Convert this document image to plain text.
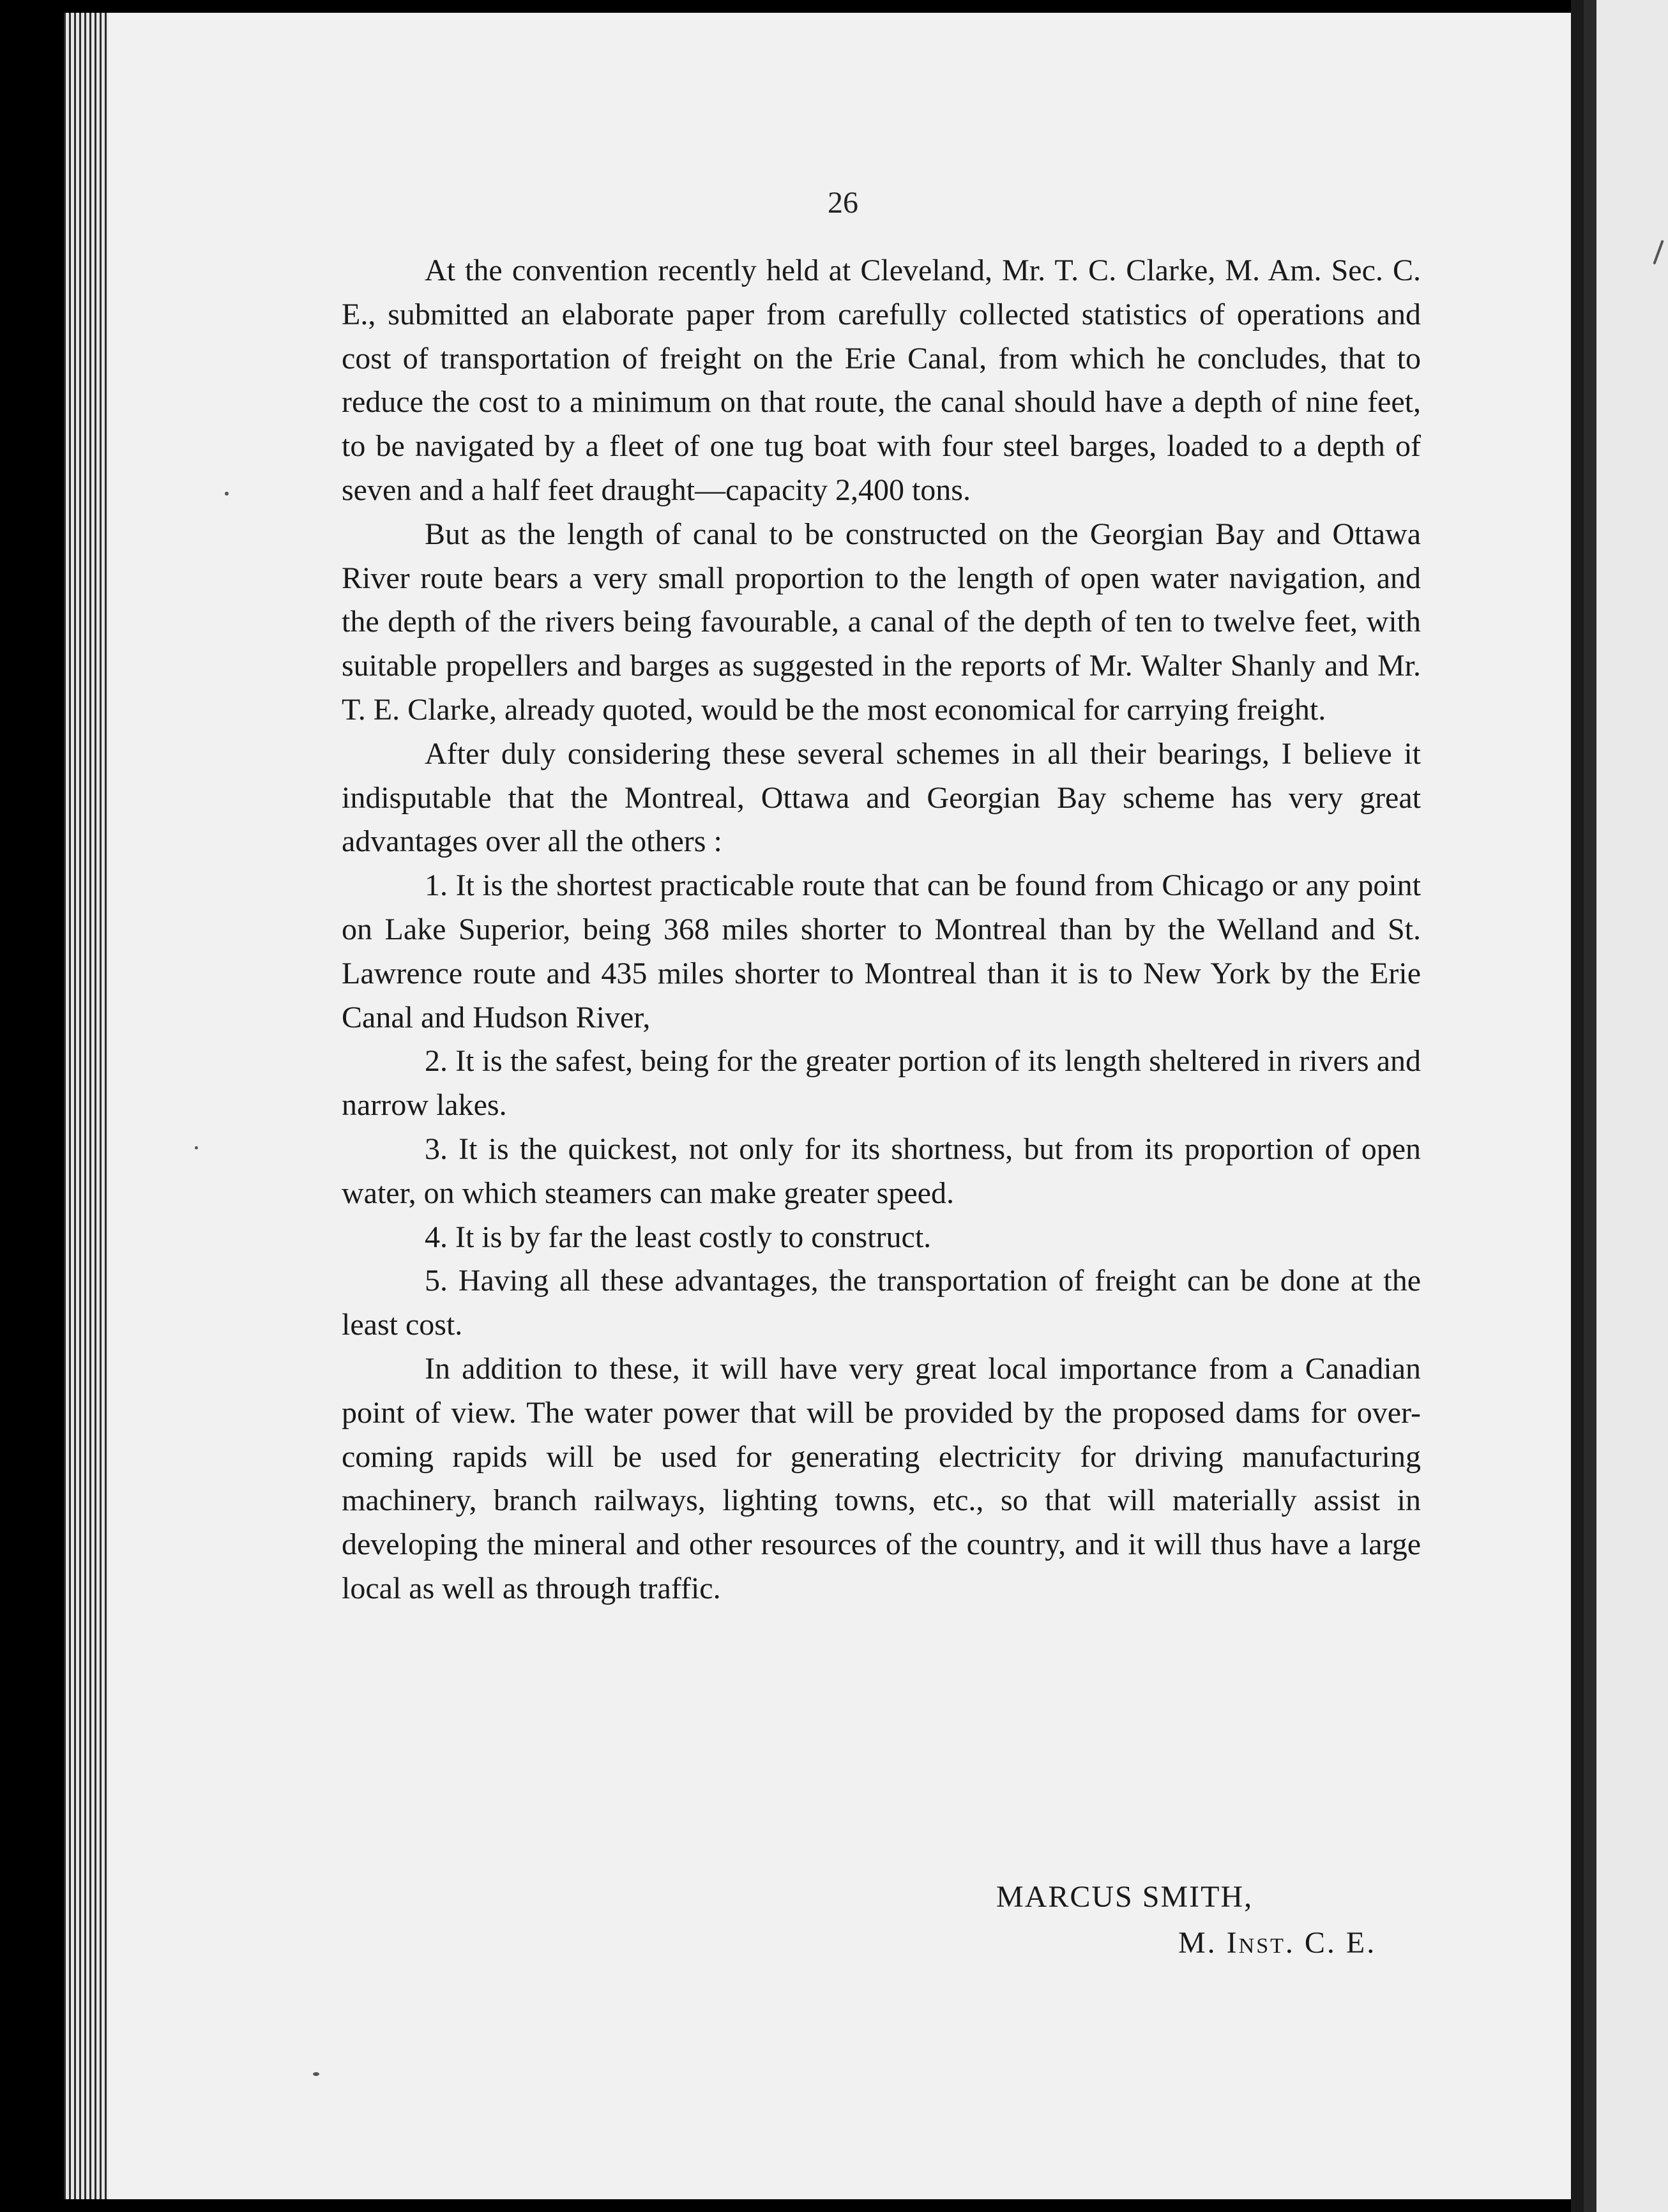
26

At the convention recently held at Cleveland, Mr. T. C. Clarke, M. Am. Sec. C. E., submitted an elaborate paper from carefully collected statistics of operations and cost of transportation of freight on the Erie Canal, from which he concludes, that to reduce the cost to a minimum on that route, the canal should have a depth of nine feet, to be navigated by a fleet of one tug boat with four steel barges, loaded to a depth of seven and a half feet draught—capacity 2,400 tons.

But as the length of canal to be constructed on the Georgian Bay and Ottawa River route bears a very small proportion to the length of open water navigation, and the depth of the rivers being favourable, a canal of the depth of ten to twelve feet, with suitable propellers and barges as suggested in the reports of Mr. Walter Shanly and Mr. T. E. Clarke, already quoted, would be the most economical for carrying freight.

After duly considering these several schemes in all their bearings, I believe it indisputable that the Montreal, Ottawa and Georgian Bay scheme has very great advantages over all the others :

1. It is the shortest practicable route that can be found from Chicago or any point on Lake Superior, being 368 miles shorter to Montreal than by the Welland and St. Lawrence route and 435 miles shorter to Montreal than it is to New York by the Erie Canal and Hudson River,

2. It is the safest, being for the greater portion of its length sheltered in rivers and narrow lakes.

3. It is the quickest, not only for its shortness, but from its proportion of open water, on which steamers can make greater speed.

4. It is by far the least costly to construct.

5. Having all these advantages, the transportation of freight can be done at the least cost.

In addition to these, it will have very great local importance from a Canadian point of view. The water power that will be provided by the proposed dams for over-coming rapids will be used for generating electricity for driving manufacturing machinery, branch railways, lighting towns, etc., so that will materially assist in developing the mineral and other resources of the country, and it will thus have a large local as well as through traffic.

MARCUS SMITH,
M. Inst. C. E.
